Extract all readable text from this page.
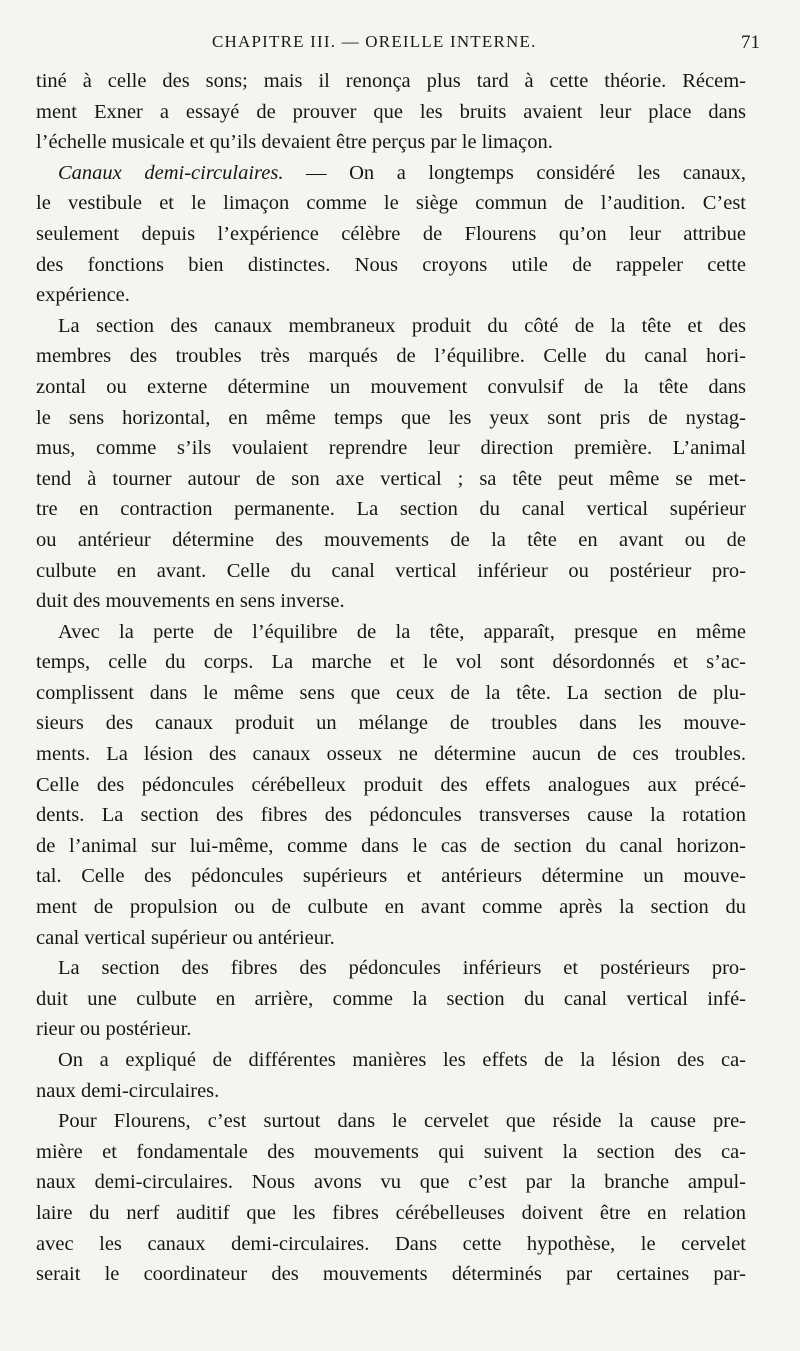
CHAPITRE III. — OREILLE INTERNE.	71
tiné à celle des sons; mais il renonça plus tard à cette théorie. Récem-
ment Exner a essayé de prouver que les bruits avaient leur place dans
l’échelle musicale et qu’ils devaient être perçus par le limaçon.
Canaux demi-circulaires. — On a longtemps considéré les canaux,
le vestibule et le limaçon comme le siège commun de l’audition. C’est
seulement depuis l’expérience célèbre de Flourens qu’on leur attribue
des fonctions bien distinctes. Nous croyons utile de rappeler cette
expérience.
La section des canaux membraneux produit du côté de la tête et des
membres des troubles très marqués de l’équilibre. Celle du canal hori-
zontal ou externe détermine un mouvement convulsif de la tête dans
le sens horizontal, en même temps que les yeux sont pris de nystag-
mus, comme s’ils voulaient reprendre leur direction première. L’animal
tend à tourner autour de son axe vertical ; sa tête peut même se met-
tre en contraction permanente. La section du canal vertical supérieur
ou antérieur détermine des mouvements de la tête en avant ou de
culbute en avant. Celle du canal vertical inférieur ou postérieur pro-
duit des mouvements en sens inverse.
Avec la perte de l’équilibre de la tête, apparaît, presque en même
temps, celle du corps. La marche et le vol sont désordonnés et s’ac-
complissent dans le même sens que ceux de la tête. La section de plu-
sieurs des canaux produit un mélange de troubles dans les mouve-
ments. La lésion des canaux osseux ne détermine aucun de ces troubles.
Celle des pédoncules cérébelleux produit des effets analogues aux précé-
dents. La section des fibres des pédoncules transverses cause la rotation
de l’animal sur lui-même, comme dans le cas de section du canal horizon-
tal. Celle des pédoncules supérieurs et antérieurs détermine un mouve-
ment de propulsion ou de culbute en avant comme après la section du
canal vertical supérieur ou antérieur.
La section des fibres des pédoncules inférieurs et postérieurs pro-
duit une culbute en arrière, comme la section du canal vertical infé-
rieur ou postérieur.
On a expliqué de différentes manières les effets de la lésion des ca-
naux demi-circulaires.
Pour Flourens, c’est surtout dans le cervelet que réside la cause pre-
mière et fondamentale des mouvements qui suivent la section des ca-
naux demi-circulaires. Nous avons vu que c’est par la branche ampul-
laire du nerf auditif que les fibres cérébelleuses doivent être en relation
avec les canaux demi-circulaires. Dans cette hypothèse, le cervelet
serait le coordinateur des mouvements déterminés par certaines par-
